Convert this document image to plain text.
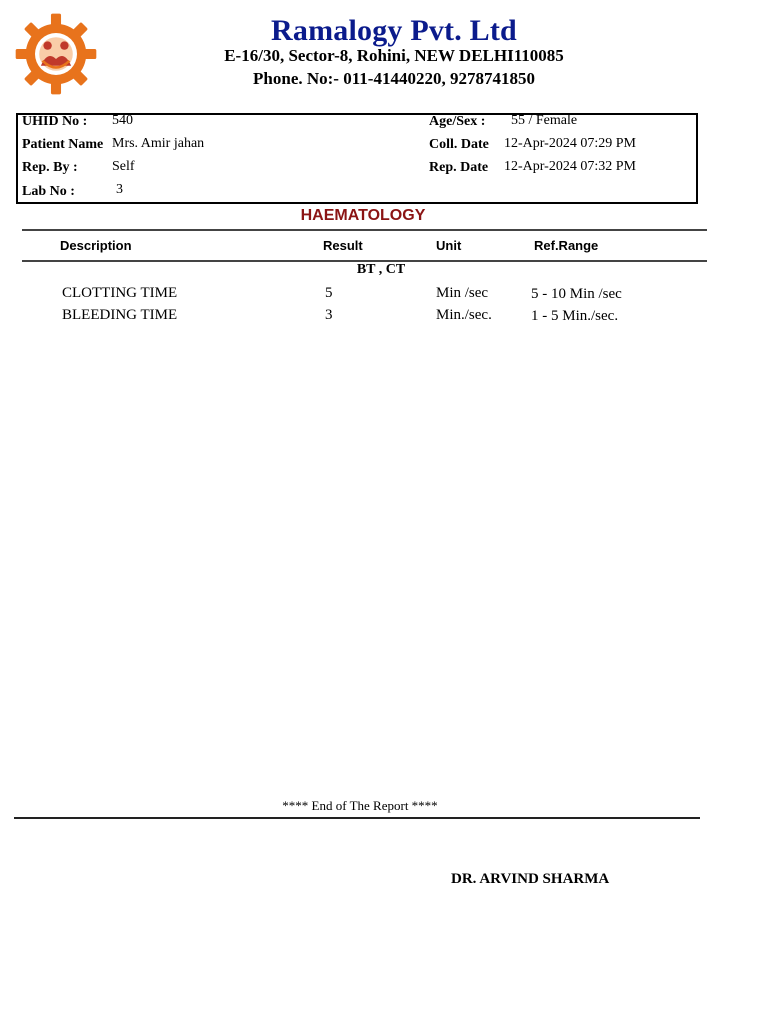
Ramalogy Pvt. Ltd
E-16/30, Sector-8, Rohini, NEW DELHI110085
Phone. No:- 011-41440220, 9278741850
UHID No : 540
Patient Name Mrs. Amir jahan
Rep. By : Self
Lab No :	3
Age/Sex : 55 / Female
Coll. Date 12-Apr-2024 07:29 PM
Rep. Date 12-Apr-2024 07:32 PM
HAEMATOLOGY
Description	Result	Unit	Ref.Range
BT , CT
CLOTTING TIME	5	Min /sec	5 - 10 Min /sec
BLEEDING TIME	3	Min./sec.	1 - 5 Min./sec.
**** End of The Report ****
DR. ARVIND SHARMA
